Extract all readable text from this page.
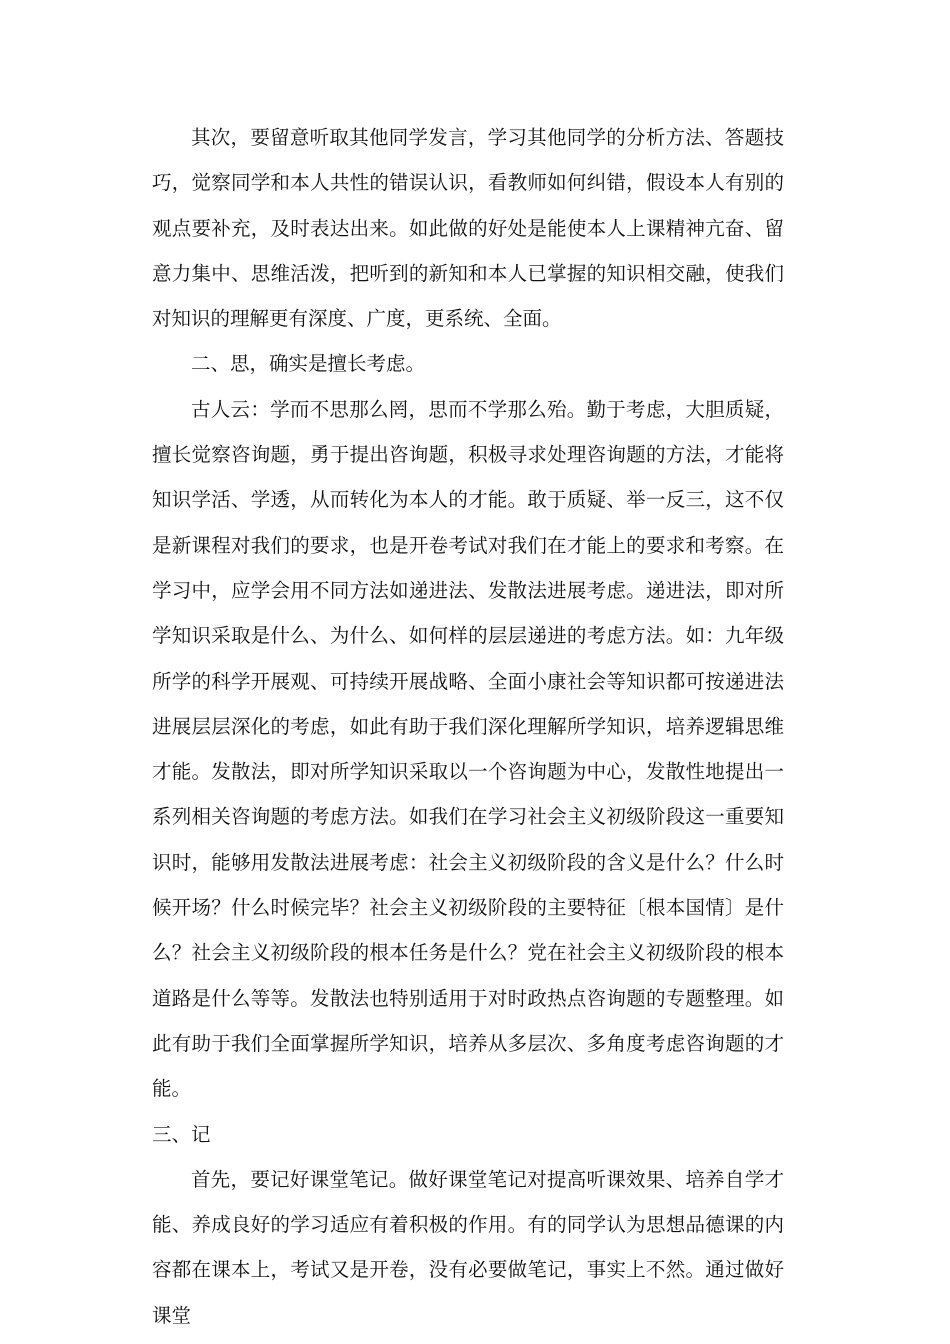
其次，要留意听取其他同学发言，学习其他同学的分析方法、答题技巧，觉察同学和本人共性的错误认识，看教师如何纠错，假设本人有别的观点要补充，及时表达出来。如此做的好处是能使本人上课精神亢奋、留意力集中、思维活泼，把听到的新知和本人已掌握的知识相交融，使我们对知识的理解更有深度、广度，更系统、全面。

二、思，确实是擅长考虑。

古人云：学而不思那么罔，思而不学那么殆。勤于考虑，大胆质疑，擅长觉察咨询题，勇于提出咨询题，积极寻求处理咨询题的方法，才能将知识学活、学透，从而转化为本人的才能。敢于质疑、举一反三，这不仅是新课程对我们的要求，也是开卷考试对我们在才能上的要求和考察。在学习中，应学会用不同方法如递进法、发散法进展考虑。递进法，即对所学知识采取是什么、为什么、如何样的层层递进的考虑方法。如：九年级所学的科学开展观、可持续开展战略、全面小康社会等知识都可按递进法进展层层深化的考虑，如此有助于我们深化理解所学知识，培养逻辑思维才能。发散法，即对所学知识采取以一个咨询题为中心，发散性地提出一系列相关咨询题的考虑方法。如我们在学习社会主义初级阶段这一重要知识时，能够用发散法进展考虑：社会主义初级阶段的含义是什么？什么时候开场？什么时候完毕？社会主义初级阶段的主要特征〔根本国情〕是什么？社会主义初级阶段的根本任务是什么？党在社会主义初级阶段的根本道路是什么等等。发散法也特别适用于对时政热点咨询题的专题整理。如此有助于我们全面掌握所学知识，培养从多层次、多角度考虑咨询题的才能。

三、记

首先，要记好课堂笔记。做好课堂笔记对提高听课效果、培养自学才能、养成良好的学习适应有着积极的作用。有的同学认为思想品德课的内容都在课本上，考试又是开卷，没有必要做笔记，事实上不然。通过做好课堂
